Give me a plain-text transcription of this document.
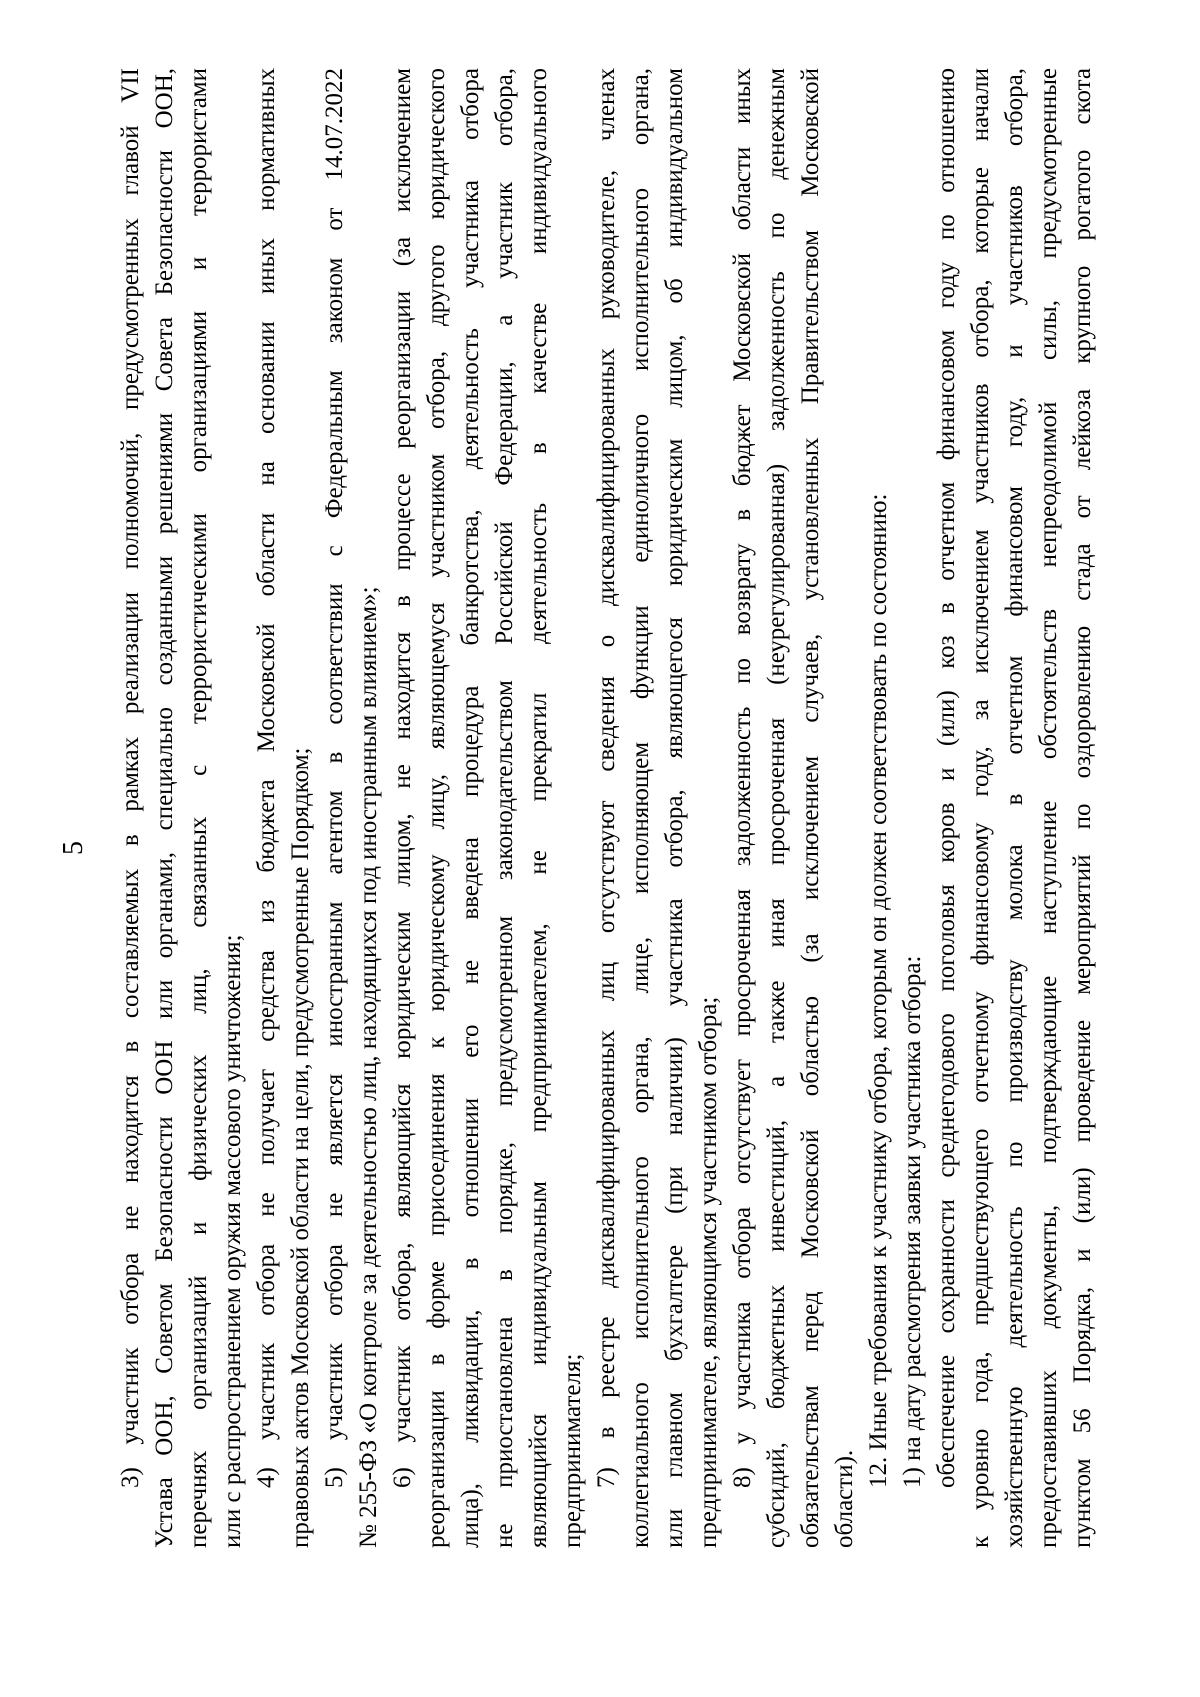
5 3) участник отбора не находится в составляемых в рамках реализации полномочий, предусмотренных главой VII Устава ООН, Советом Безопасности ООН или органами, специально созданными решениями Совета Безопасности ООН, перечнях организаций и физических лиц, связанных с террористическими организациями и террористами или с распространением оружия массового уничтожения; 4) участник отбора не получает средства из бюджета Московской области на основании иных нормативных правовых актов Московской области на цели, предусмотренные Порядком; 5) участник отбора не является иностранным агентом в соответствии с Федеральным законом от 14.07.2022 № 255-ФЗ «О контроле за деятельностью лиц, находящихся под иностранным влиянием»; 6) участник отбора, являющийся юридическим лицом, не находится в процессе реорганизации (за исключением реорганизации в форме присоединения к юридическому лицу, являющемуся участником отбора, другого юридического лица), ликвидации, в отношении его не введена процедура банкротства, деятельность участника отбора не приостановлена в порядке, предусмотренном законодательством Российской Федерации, а участник отбора, являющийся индивидуальным предпринимателем, не прекратил деятельность в качестве индивидуального предпринимателя; 7) в реестре дисквалифицированных лиц отсутствуют сведения о дисквалифицированных руководителе, членах коллегиального исполнительного органа, лице, исполняющем функции единоличного исполнительного органа, или главном бухгалтере (при наличии) участника отбора, являющегося юридическим лицом, об индивидуальном предпринимателе, являющимся участником отбора; 8) у участника отбора отсутствует просроченная задолженность по возврату в бюджет Московской области иных субсидий, бюджетных инвестиций, а также иная просроченная (неурегулированная) задолженность по денежным обязательствам перед Московской областью (за исключением случаев, установленных Правительством Московской области).

12. Иные требования к участнику отбора, которым он должен соответствовать по состоянию: 1) на дату рассмотрения заявки участника отбора: обеспечение сохранности среднегодового поголовья коров и (или) коз в отчетном финансовом году по отношению к уровню года, предшествующего отчетному финансовому году, за исключением участников отбора, которые начали хозяйственную деятельность по производству молока в отчетном финансовом году, и участников отбора, предоставивших документы, подтверждающие наступление обстоятельств непреодолимой силы, предусмотренные пунктом 56 Порядка, и (или) проведение мероприятий по оздоровлению стада от лейкоза крупного рогатого скота
